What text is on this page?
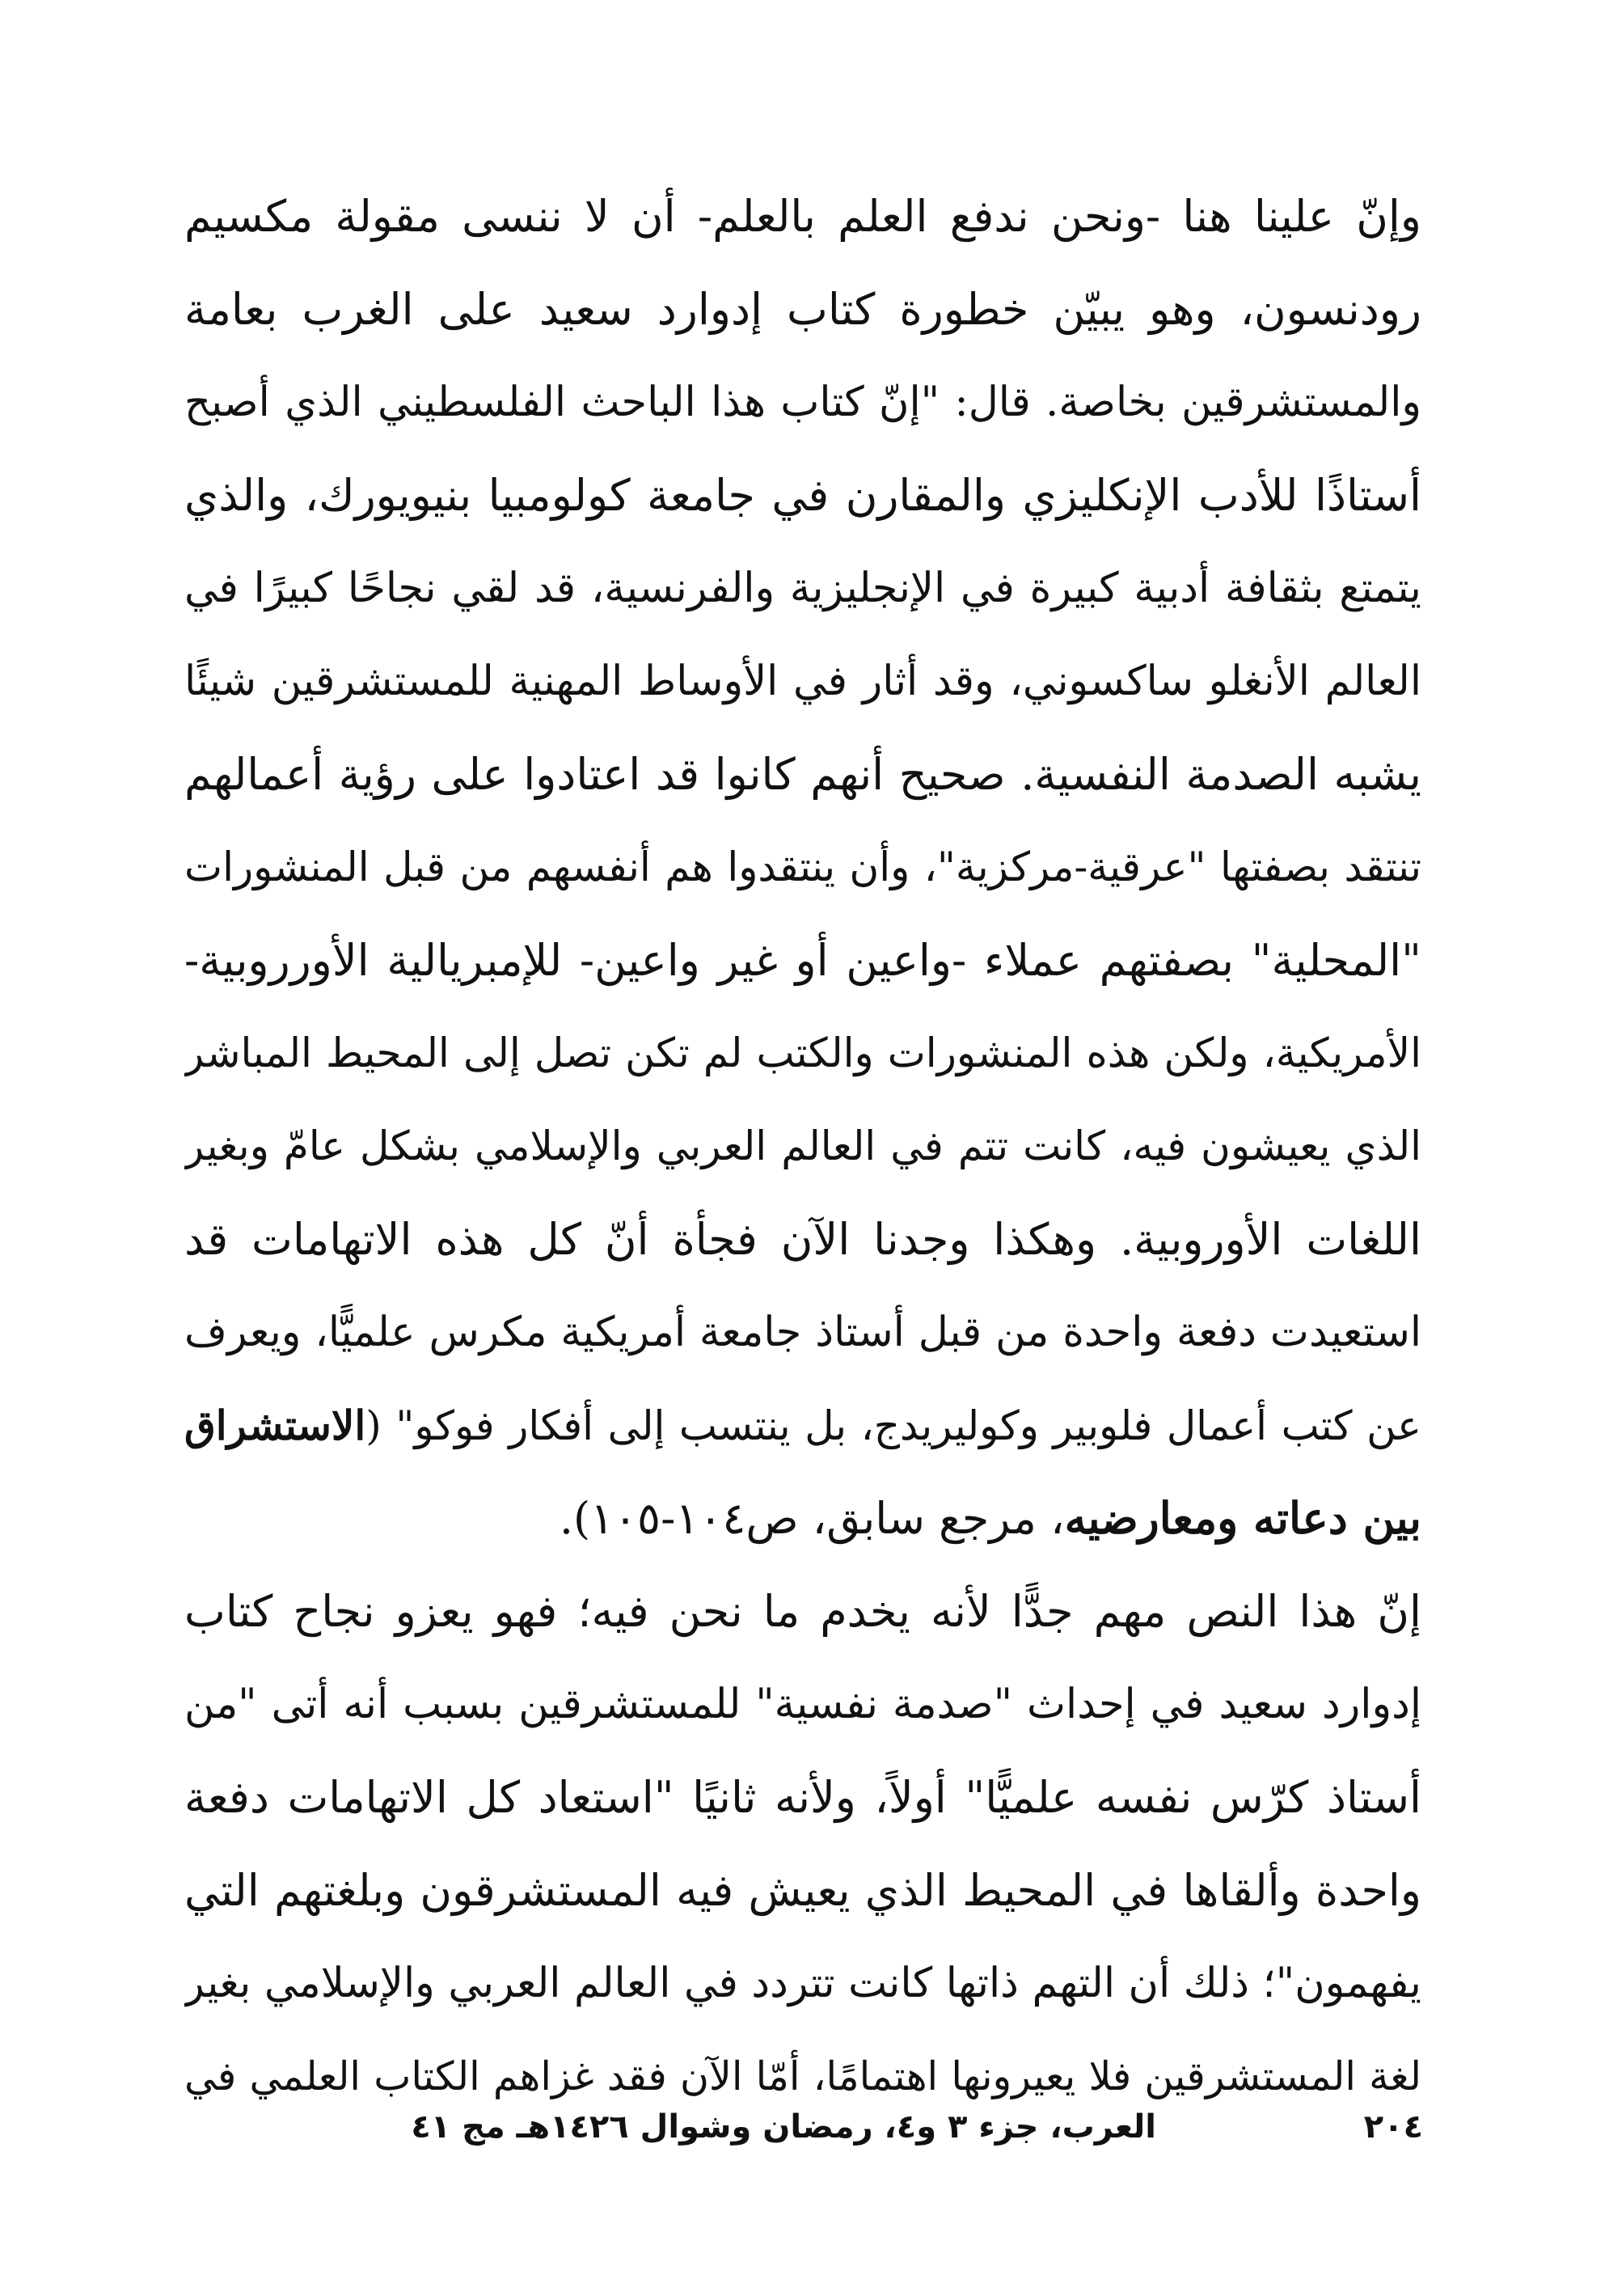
وإنّ علينا هنا -ونحن ندفع العلم بالعلم- أن لا ننسى مقولة مكسيم
رودنسون، وهو يبيّن خطورة كتاب إدوارد سعيد على الغرب بعامة
والمستشرقين بخاصة. قال: "إنّ كتاب هذا الباحث الفلسطيني الذي أصبح
أستاذًا للأدب الإنكليزي والمقارن في جامعة كولومبيا بنيويورك، والذي
يتمتع بثقافة أدبية كبيرة في الإنجليزية والفرنسية، قد لقي نجاحًا كبيرًا في
العالم الأنغلو ساكسوني، وقد أثار في الأوساط المهنية للمستشرقين شيئًا
يشبه الصدمة النفسية. صحيح أنهم كانوا قد اعتادوا على رؤية أعمالهم
تنتقد بصفتها "عرقية-مركزية"، وأن ينتقدوا هم أنفسهم من قبل المنشورات
"المحلية" بصفتهم عملاء -واعين أو غير واعين- للإمبريالية الأورروبية-
الأمريكية، ولكن هذه المنشورات والكتب لم تكن تصل إلى المحيط المباشر
الذي يعيشون فيه، كانت تتم في العالم العربي والإسلامي بشكل عامّ وبغير
اللغات الأوروبية. وهكذا وجدنا الآن فجأة أنّ كل هذه الاتهامات قد
استعيدت دفعة واحدة من قبل أستاذ جامعة أمريكية مكرس علميًّا، ويعرف
عن كتب أعمال فلوبير وكوليريدج، بل ينتسب إلى أفكار فوكو" (الاستشراق
بين دعاته ومعارضيه، مرجع سابق، ص١٠٤-١٠٥).
إنّ هذا النص مهم جدًّا لأنه يخدم ما نحن فيه؛ فهو يعزو نجاح كتاب
إدوارد سعيد في إحداث "صدمة نفسية" للمستشرقين بسبب أنه أتى "من
أستاذ كرّس نفسه علميًّا" أولاً، ولأنه ثانيًا "استعاد كل الاتهامات دفعة
واحدة وألقاها في المحيط الذي يعيش فيه المستشرقون وبلغتهم التي
يفهمون"؛ ذلك أن التهم ذاتها كانت تتردد في العالم العربي والإسلامي بغير
لغة المستشرقين فلا يعيرونها اهتمامًا، أمّا الآن فقد غزاهم الكتاب العلمي في
٢٠٤
العرب، جزء ٣ و٤، رمضان وشوال ١٤٢٦هـ مج ٤١
